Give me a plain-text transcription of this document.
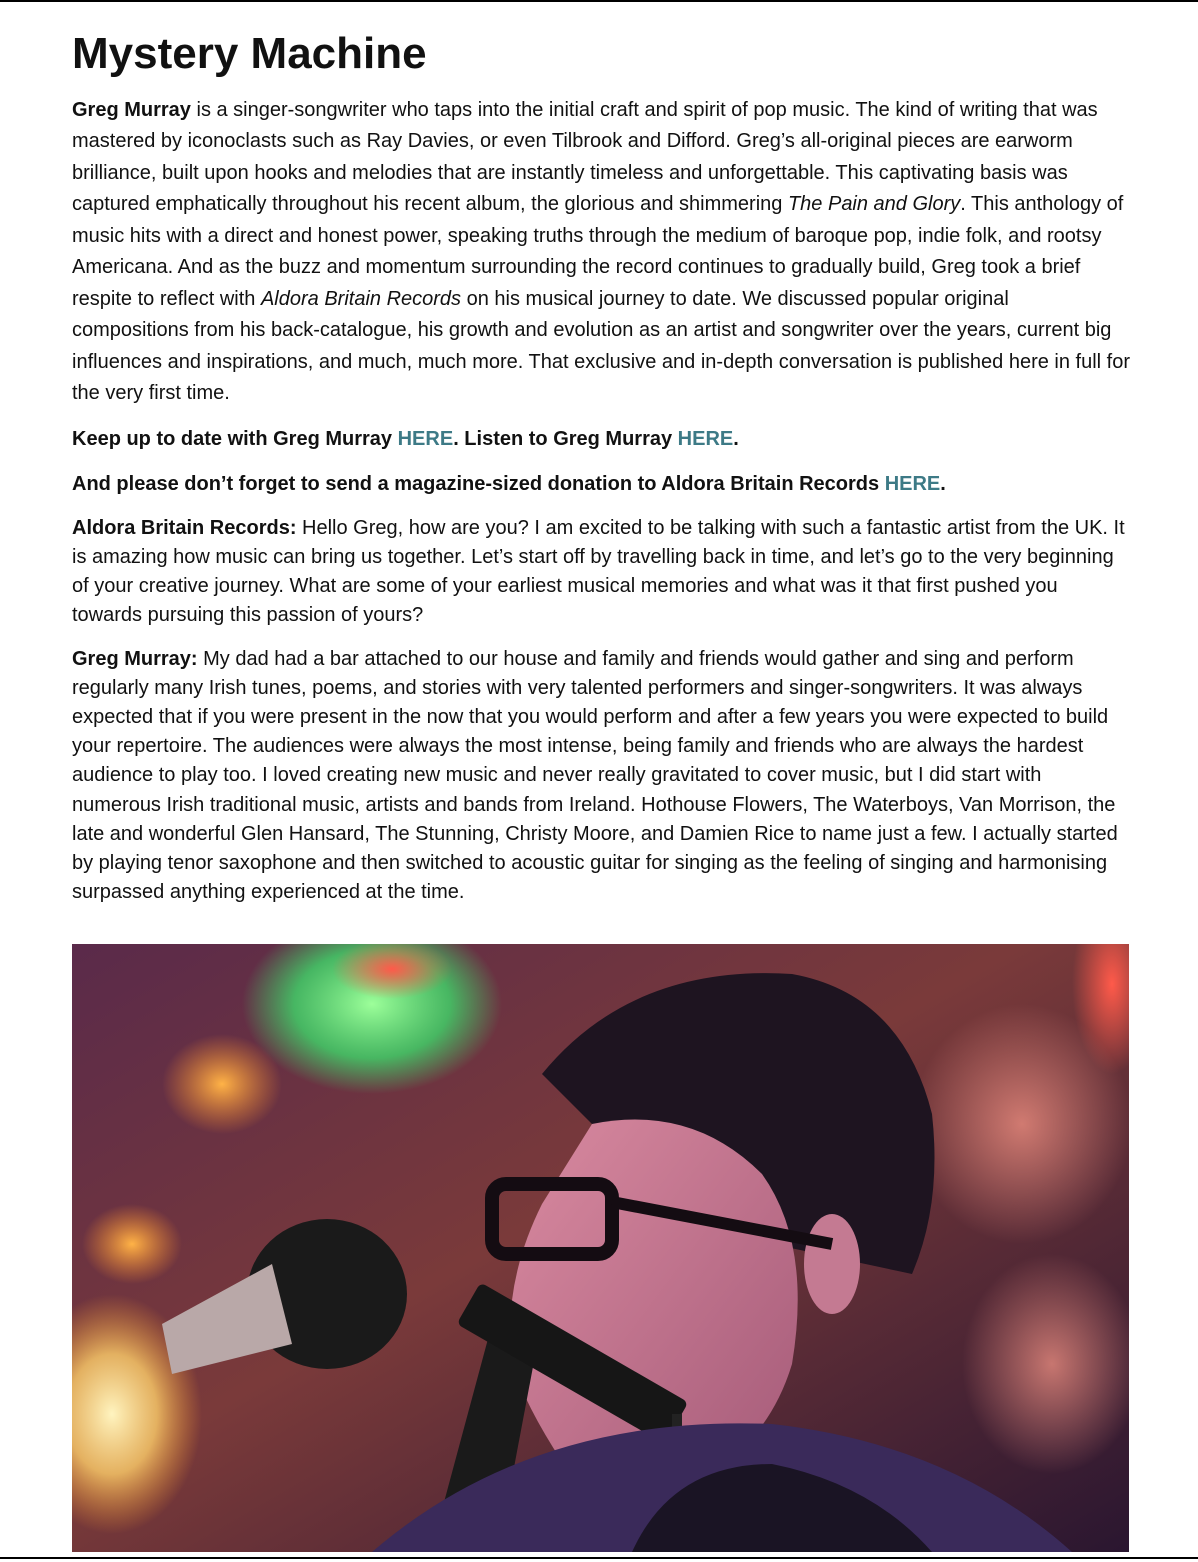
Mystery Machine

Greg Murray is a singer-songwriter who taps into the initial craft and spirit of pop music. The kind of writing that was mastered by iconoclasts such as Ray Davies, or even Tilbrook and Difford. Greg’s all-original pieces are earworm brilliance, built upon hooks and melodies that are instantly timeless and unforgettable. This captivating basis was captured emphatically throughout his recent album, the glorious and shimmering The Pain and Glory. This anthology of music hits with a direct and honest power, speaking truths through the medium of baroque pop, indie folk, and rootsy Americana. And as the buzz and momentum surrounding the record continues to gradually build, Greg took a brief respite to reflect with Aldora Britain Records on his musical journey to date. We discussed popular original compositions from his back-catalogue, his growth and evolution as an artist and songwriter over the years, current big influences and inspirations, and much, much more. That exclusive and in-depth conversation is published here in full for the very first time.

Keep up to date with Greg Murray HERE. Listen to Greg Murray HERE.

And please don’t forget to send a magazine-sized donation to Aldora Britain Records HERE.

Aldora Britain Records: Hello Greg, how are you? I am excited to be talking with such a fantastic artist from the UK. It is amazing how music can bring us together. Let’s start off by travelling back in time, and let’s go to the very beginning of your creative journey. What are some of your earliest musical memories and what was it that first pushed you towards pursuing this passion of yours?

Greg Murray: My dad had a bar attached to our house and family and friends would gather and sing and perform regularly many Irish tunes, poems, and stories with very talented performers and singer-songwriters. It was always expected that if you were present in the now that you would perform and after a few years you were expected to build your repertoire. The audiences were always the most intense, being family and friends who are always the hardest audience to play too. I loved creating new music and never really gravitated to cover music, but I did start with numerous Irish traditional music, artists and bands from Ireland. Hothouse Flowers, The Waterboys, Van Morrison, the late and wonderful Glen Hansard, The Stunning, Christy Moore, and Damien Rice to name just a few. I actually started by playing tenor saxophone and then switched to acoustic guitar for singing as the feeling of singing and harmonising surpassed anything experienced at the time.
